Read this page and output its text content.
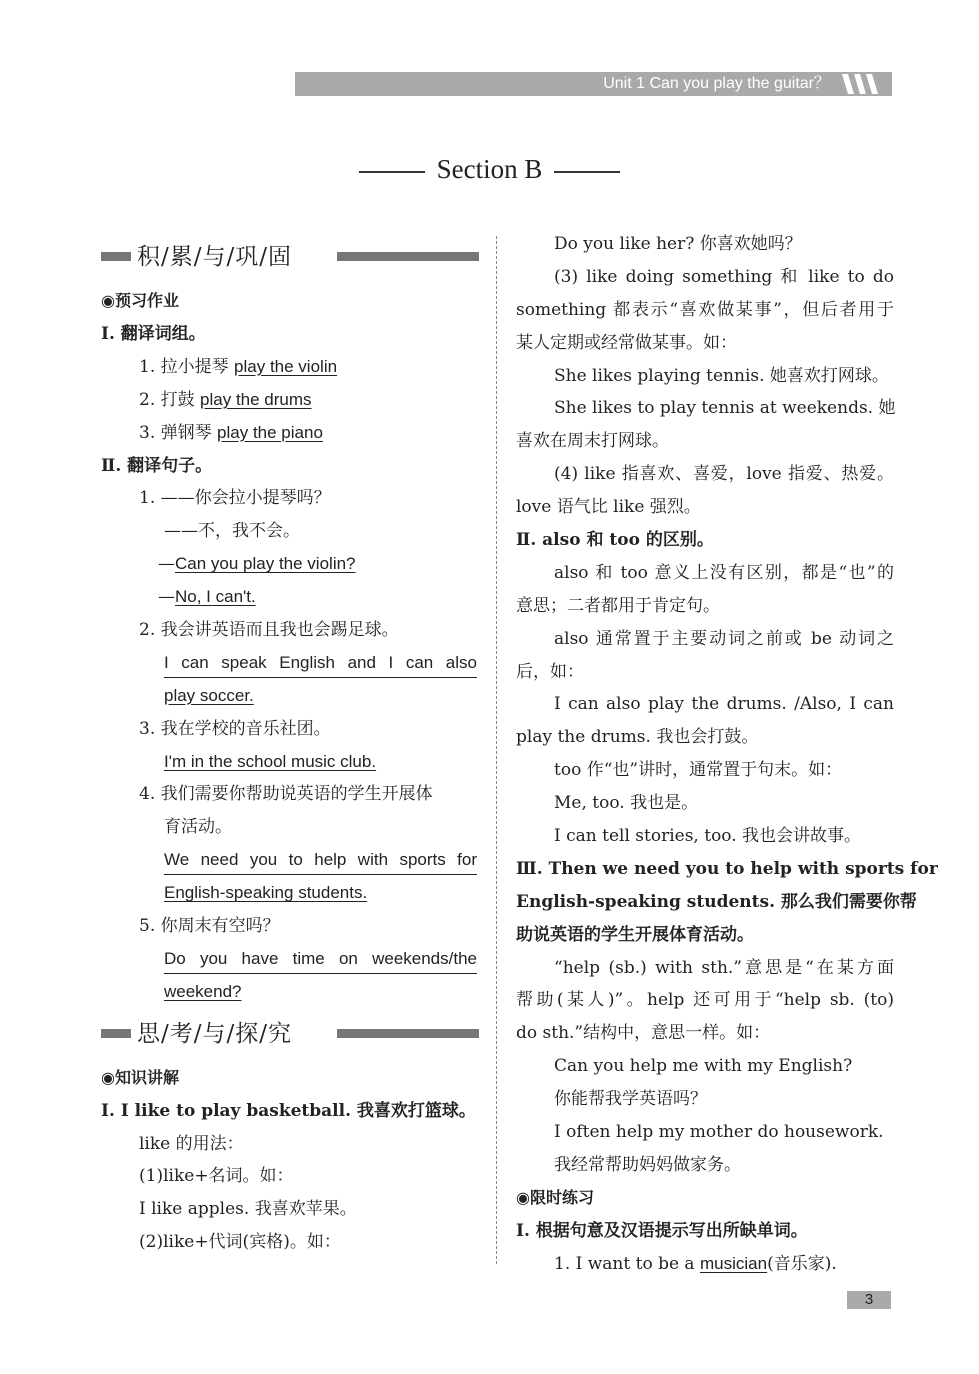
Unit 1 Can you play the guitar？
Section B
积/累/与/巩/固
◉预习作业
Ⅰ. 翻译词组。
1. 拉小提琴 play the violin
2. 打鼓 play the drums
3. 弹钢琴 play the piano
Ⅱ. 翻译句子。
1. ——你会拉小提琴吗？
——不，我不会。
—Can you play the violin?
—No, I can't.
2. 我会讲英语而且我也会踢足球。
I can speak English and I can also
play soccer.
3. 我在学校的音乐社团。
I'm in the school music club.
4. 我们需要你帮助说英语的学生开展体
育活动。
We need you to help with sports for
English-speaking students.
5. 你周末有空吗？
Do you have time on weekends/the
weekend?
思/考/与/探/究
◉知识讲解
Ⅰ. I like to play basketball. 我喜欢打篮球。
like 的用法：
(1)like+名词。如：
I like apples. 我喜欢苹果。
(2)like+代词(宾格)。如：
Do you like her? 你喜欢她吗？
(3) like doing something 和 like to do
something 都表示“喜欢做某事”，但后者用于
某人定期或经常做某事。如：
She likes playing tennis. 她喜欢打网球。
She likes to play tennis at weekends. 她
喜欢在周末打网球。
(4) like 指喜欢、喜爱，love 指爱、热爱。
love 语气比 like 强烈。
Ⅱ. also 和 too 的区别。
also 和 too 意义上没有区别，都是“也”的
意思；二者都用于肯定句。
also 通常置于主要动词之前或 be 动词之
后，如：
I can also play the drums. /Also, I can
play the drums. 我也会打鼓。
too 作“也”讲时，通常置于句末。如：
Me, too. 我也是。
I can tell stories, too. 我也会讲故事。
Ⅲ. Then we need you to help with sports for
English-speaking students. 那么我们需要你帮
助说英语的学生开展体育活动。
“help (sb.) with sth.”意思是“在某方面
帮助(某人)”。help 还可用于“help sb. (to)
do sth.”结构中，意思一样。如：
Can you help me with my English?
你能帮我学英语吗？
I often help my mother do housework.
我经常帮助妈妈做家务。
◉限时练习
Ⅰ. 根据句意及汉语提示写出所缺单词。
1. I want to be a musician(音乐家).
3
